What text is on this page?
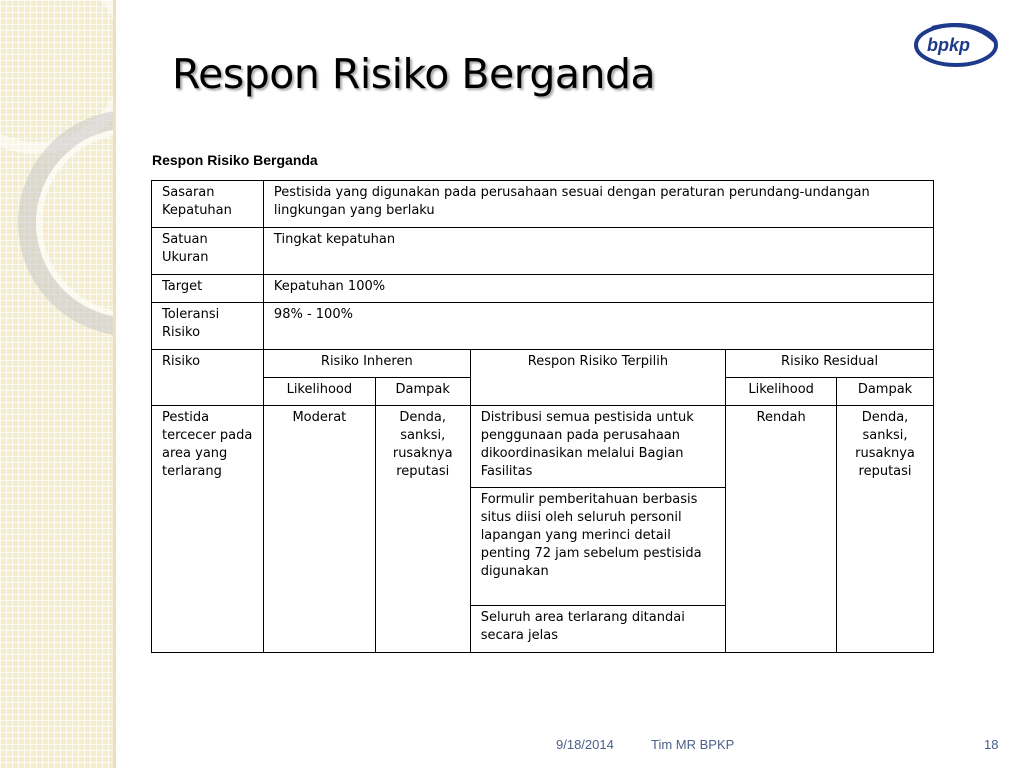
Respon Risiko Berganda
bpkp
Respon Risiko Berganda
Sasaran Kepatuhan	Pestisida yang digunakan pada perusahaan sesuai dengan peraturan perundang-undangan lingkungan yang berlaku				
Satuan Ukuran	Tingkat kepatuhan				
Target	Kepatuhan 100%				
Toleransi Risiko	98% - 100%				
Risiko	Risiko Inheren		Respon Risiko Terpilih	Risiko Residual	
	Likelihood	Dampak		Likelihood	Dampak
Pestida tercecer pada area yang terlarang	Moderat	Denda, sanksi, rusaknya reputasi	Distribusi semua pestisida untuk penggunaan pada perusahaan dikoordinasikan melalui Bagian Fasilitas	Rendah	Denda, sanksi, rusaknya reputasi
			Formulir pemberitahuan berbasis situs diisi oleh seluruh personil lapangan yang merinci detail penting 72 jam sebelum pestisida digunakan		
			Seluruh area terlarang ditandai secara jelas		
9/18/2014	Tim MR BPKP	18
